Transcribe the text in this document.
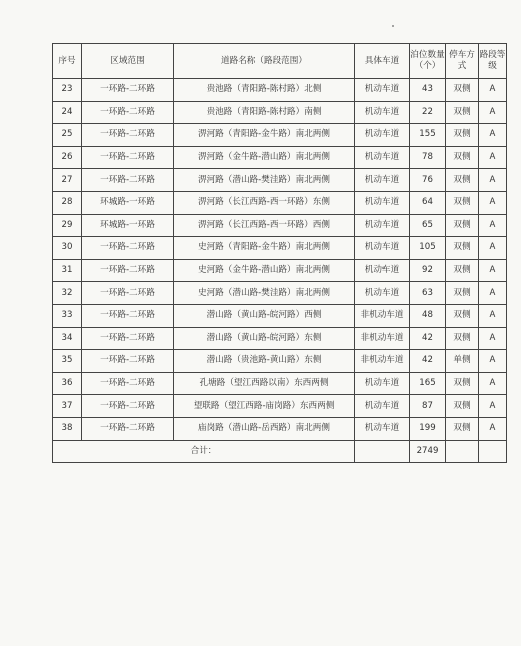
序号	区域范围	道路名称（路段范围）	具体车道	泊位数量（个）	停车方式	路段等级
23	一环路-二环路	贵池路（青阳路-陈村路）北侧	机动车道	43	双侧	A
24	一环路-二环路	贵池路（青阳路-陈村路）南侧	机动车道	22	双侧	A
25	一环路-二环路	淠河路（青阳路-金牛路）南北两侧	机动车道	155	双侧	A
26	一环路-二环路	淠河路（金牛路-潜山路）南北两侧	机动车道	78	双侧	A
27	一环路-二环路	淠河路（潜山路-樊洼路）南北两侧	机动车道	76	双侧	A
28	环城路-一环路	淠河路（长江西路-西一环路）东侧	机动车道	64	双侧	A
29	环城路-一环路	淠河路（长江西路-西一环路）西侧	机动车道	65	双侧	A
30	一环路-二环路	史河路（青阳路-金牛路）南北两侧	机动车道	105	双侧	A
31	一环路-二环路	史河路（金牛路-潜山路）南北两侧	机动车道	92	双侧	A
32	一环路-二环路	史河路（潜山路-樊洼路）南北两侧	机动车道	63	双侧	A
33	一环路-二环路	潜山路（黄山路-皖河路）西侧	非机动车道	48	双侧	A
34	一环路-二环路	潜山路（黄山路-皖河路）东侧	非机动车道	42	双侧	A
35	一环路-二环路	潜山路（贵池路-黄山路）东侧	非机动车道	42	单侧	A
36	一环路-二环路	孔塘路（望江西路以南）东西两侧	机动车道	165	双侧	A
37	一环路-二环路	望联路（望江西路-庙岗路）东西两侧	机动车道	87	双侧	A
38	一环路-二环路	庙岗路（潜山路-岳西路）南北两侧	机动车道	199	双侧	A
合计：				2749		
